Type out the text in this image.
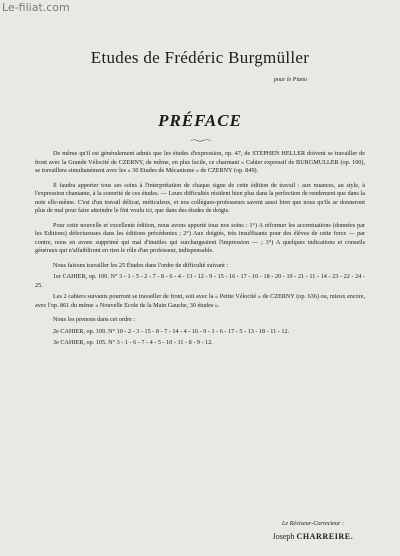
Le-filiat.com
Etudes de Frédéric Burgmüller
pour le Piano
PRÉFACE

De même qu'il est généralement admis que les études d'expression, op. 47, de STEPHEN HELLER doivent se travailler de front avec la Grande Vélocité de CZERNY, de même, en plus facile, ce charmant « Cahier expressif de BURGMULLER (op. 100), se travaillera simultanément avec les « 30 Etudes de Mécanisme » de CZERNY (op. 849).

Il faudra apporter tous ses soins à l'interprétation de chaque signe de cette édition de travail : aux nuances, au style, à l'expression chantante, à la sonorité de ces études. — Leurs difficultés résident bien plus dans la perfection de rendement que dans la note elle-même. C'est d'un travail délicat, méticuleux, et nos collègues-professeurs savent aussi bien que nous qu'ils se donneront plus de mal pour faire atteindre le fini voulu ici, que dans des études de doigts.

Pour cette nouvelle et excellente édition, nous avons apporté tous nos soins : 1°) A réformer les accentuations (données par les Editions) défectueuses dans les éditions précédentes ; 2°) Aux doigtés, très insuffisants pour des élèves de cette force — par contre, nous en avons supprimé qui mal d'inutiles qui surchargeaient l'impression — ; 3°) A quelques indications et conseils généraux qui n'affaibliront en rien le rôle d'un professeur, indispensable.

Nous faisons travailler les 25 Études dans l'ordre de difficulté suivant :

1er CAHIER, op. 100. N° 3 - 1 - 5 - 2 - 7 - 8 - 6 - 4 - 13 - 12 - 9 - 15 - 16 - 17 - 10 - 18 - 20 - 19 - 21 - 11 - 14 - 23 - 22 - 24 - 25.

Les 2 cahiers suivants pourront se travailler de front, soit avec la « Petite Vélocité » de CZERNY (op. 636) ou, mieux encore, avec l'op. 861 du même « Nouvelle Ecole de la Main Gauche, 30 études ».

Nous les prenons dans cet ordre :

2e CAHIER, op. 109. N° 10 - 2 - 3 - 15 - 8 - 7 - 14 - 4 - 16 - 9 - 1 - 6 - 17 - 5 - 13 - 18 - 11 - 12.

3e CAHIER, op. 105. N° 3 - 1 - 6 - 7 - 4 - 5 - 10 - 11 - 8 - 9 - 12.

Le Réviseur-Correcteur :
Joseph CHARREIRE.
